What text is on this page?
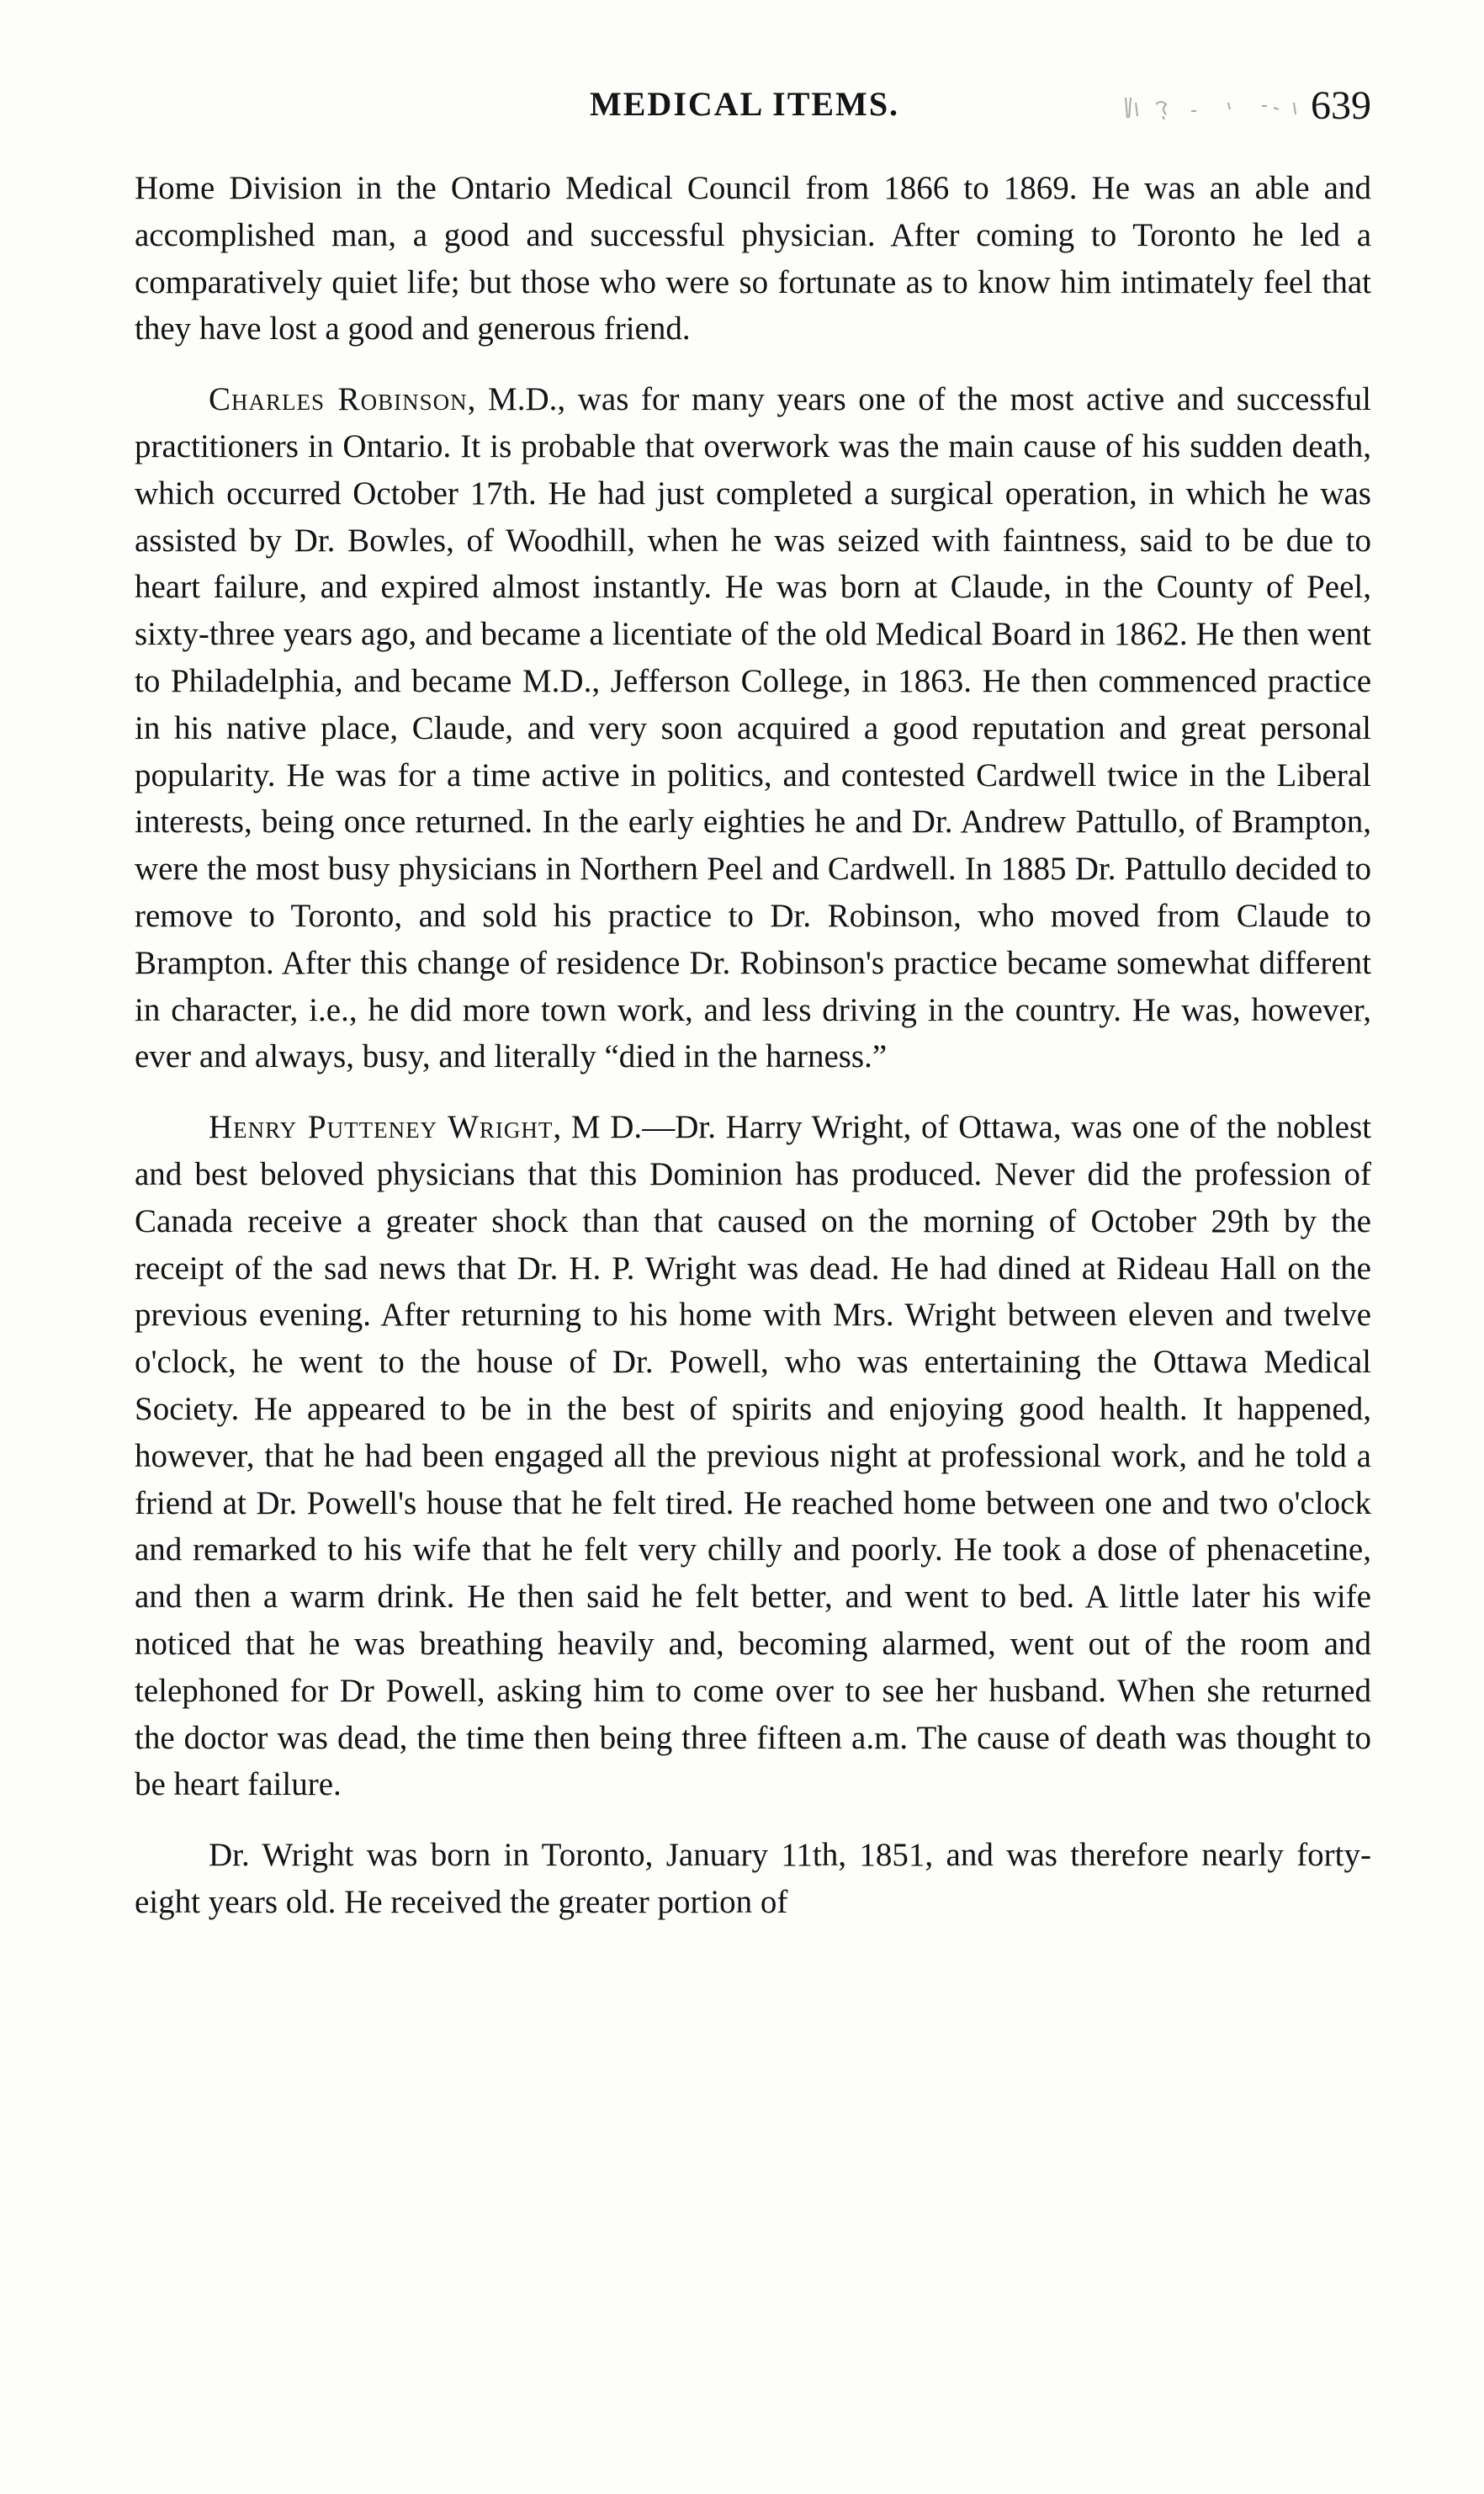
MEDICAL ITEMS.	639

Home Division in the Ontario Medical Council from 1866 to 1869. He was an able and accomplished man, a good and successful physician. After coming to Toronto he led a comparatively quiet life; but those who were so fortunate as to know him intimately feel that they have lost a good and generous friend.

Charles Robinson, M.D., was for many years one of the most active and successful practitioners in Ontario. It is probable that overwork was the main cause of his sudden death, which occurred October 17th. He had just completed a surgical operation, in which he was assisted by Dr. Bowles, of Woodhill, when he was seized with faintness, said to be due to heart failure, and expired almost instantly. He was born at Claude, in the County of Peel, sixty-three years ago, and became a licentiate of the old Medical Board in 1862. He then went to Philadelphia, and became M.D., Jefferson College, in 1863. He then commenced practice in his native place, Claude, and very soon acquired a good reputation and great personal popularity. He was for a time active in politics, and contested Cardwell twice in the Liberal interests, being once returned. In the early eighties he and Dr. Andrew Pattullo, of Brampton, were the most busy physicians in Northern Peel and Cardwell. In 1885 Dr. Pattullo decided to remove to Toronto, and sold his practice to Dr. Robinson, who moved from Claude to Brampton. After this change of residence Dr. Robinson's practice became somewhat different in character, i.e., he did more town work, and less driving in the country. He was, however, ever and always, busy, and literally “died in the harness.”

Henry Putteney Wright, M D.—Dr. Harry Wright, of Ottawa, was one of the noblest and best beloved physicians that this Dominion has produced. Never did the profession of Canada receive a greater shock than that caused on the morning of October 29th by the receipt of the sad news that Dr. H. P. Wright was dead. He had dined at Rideau Hall on the previous evening. After returning to his home with Mrs. Wright between eleven and twelve o'clock, he went to the house of Dr. Powell, who was entertaining the Ottawa Medical Society. He appeared to be in the best of spirits and enjoying good health. It happened, however, that he had been engaged all the previous night at professional work, and he told a friend at Dr. Powell's house that he felt tired. He reached home between one and two o'clock and remarked to his wife that he felt very chilly and poorly. He took a dose of phenacetine, and then a warm drink. He then said he felt better, and went to bed. A little later his wife noticed that he was breathing heavily and, becoming alarmed, went out of the room and telephoned for Dr Powell, asking him to come over to see her husband. When she returned the doctor was dead, the time then being three fifteen a.m. The cause of death was thought to be heart failure.

Dr. Wright was born in Toronto, January 11th, 1851, and was therefore nearly forty-eight years old. He received the greater portion of
